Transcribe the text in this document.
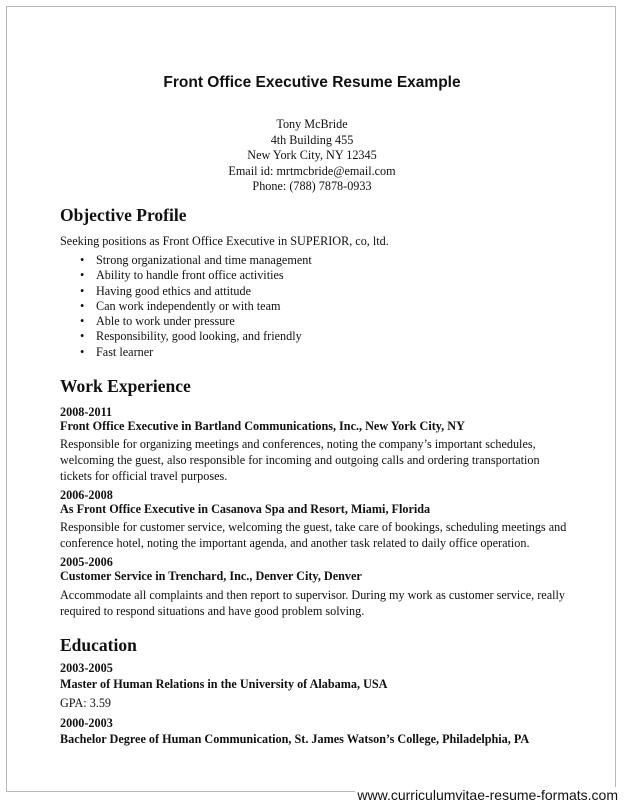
Front Office Executive Resume Example
Tony McBride
4th Building 455
New York City, NY 12345
Email id: mrtmcbride@email.com
Phone: (788) 7878-0933
Objective Profile
Seeking positions as Front Office Executive in SUPERIOR, co, ltd.
• Strong organizational and time management
• Ability to handle front office activities
• Having good ethics and attitude
• Can work independently or with team
• Able to work under pressure
• Responsibility, good looking, and friendly
• Fast learner
Work Experience
2008-2011
Front Office Executive in Bartland Communications, Inc., New York City, NY
Responsible for organizing meetings and conferences, noting the company’s important schedules,
welcoming the guest, also responsible for incoming and outgoing calls and ordering transportation
tickets for official travel purposes.
2006-2008
As Front Office Executive in Casanova Spa and Resort, Miami, Florida
Responsible for customer service, welcoming the guest, take care of bookings, scheduling meetings and
conference hotel, noting the important agenda, and another task related to daily office operation.
2005-2006
Customer Service in Trenchard, Inc., Denver City, Denver
Accommodate all complaints and then report to supervisor. During my work as customer service, really
required to respond situations and have good problem solving.
Education
2003-2005
Master of Human Relations in the University of Alabama, USA
GPA: 3.59
2000-2003
Bachelor Degree of Human Communication, St. James Watson’s College, Philadelphia, PA
www.curriculumvitae-resume-formats.com
